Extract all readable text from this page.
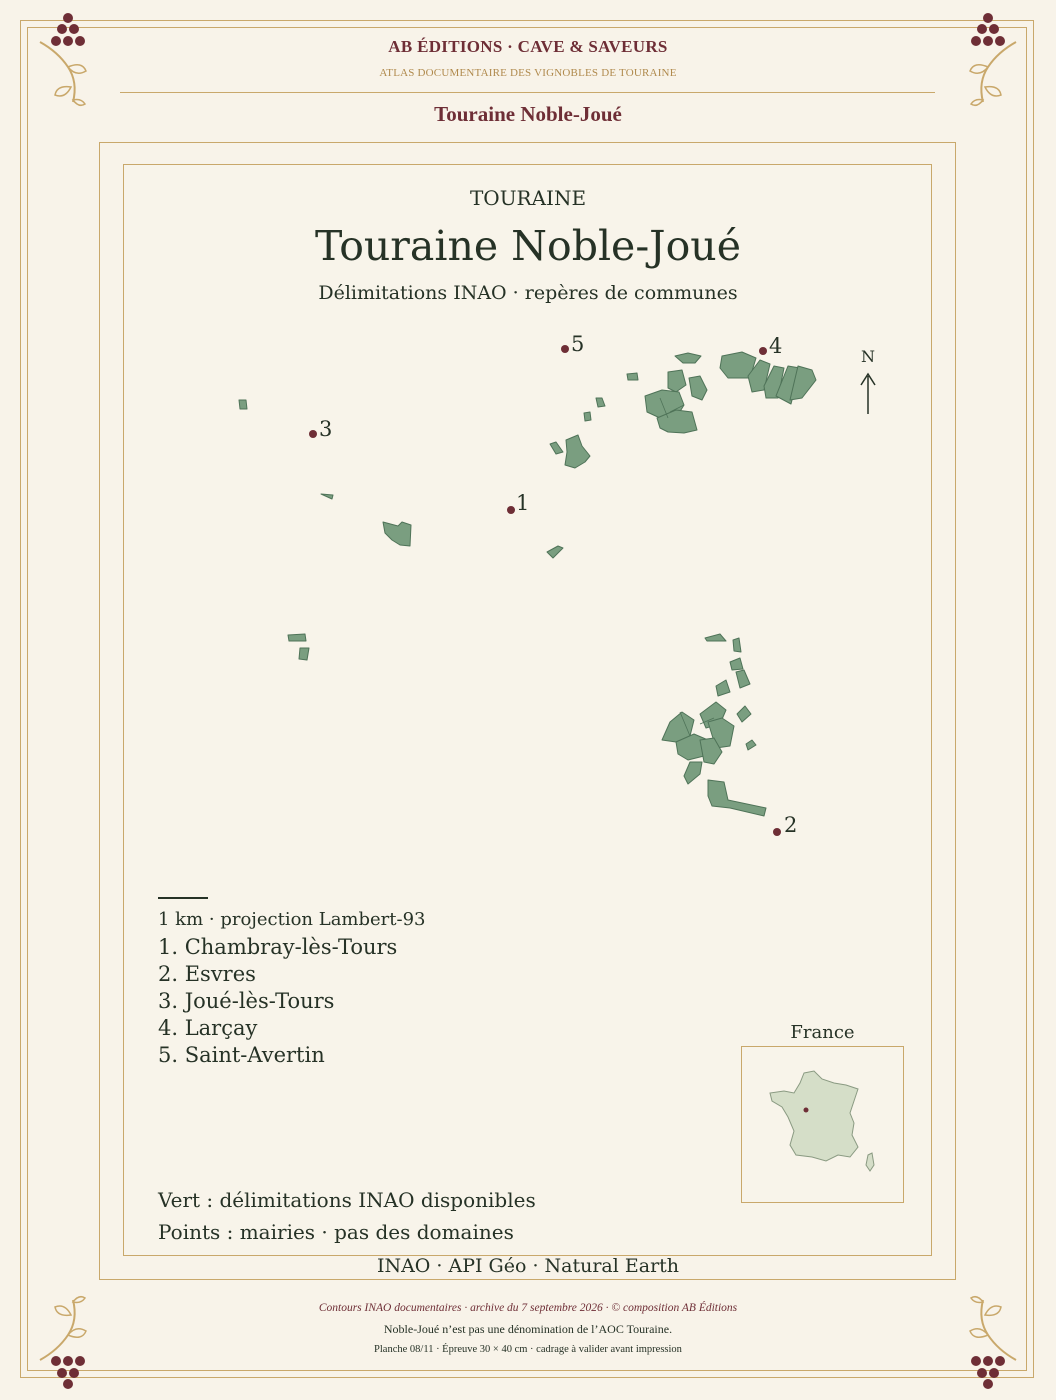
AB ÉDITIONS · CAVE & SAVEURS
ATLAS DOCUMENTAIRE DES VIGNOBLES DE TOURAINE
Touraine Noble-Joué
TOURAINE
Touraine Noble-Joué
Délimitations INAO · repères de communes
1
2
3
4
5
N
1 km · projection Lambert-93
1. Chambray-lès-Tours
2. Esvres
3. Joué-lès-Tours
4. Larçay
5. Saint-Avertin
Vert : délimitations INAO disponibles
Points : mairies · pas des domaines
France
INAO · API Géo · Natural Earth
Contours INAO documentaires · archive du 7 septembre 2026 · © composition AB Éditions
Noble-Joué n’est pas une dénomination de l’AOC Touraine.
Planche 08/11 · Épreuve 30 × 40 cm · cadrage à valider avant impression
